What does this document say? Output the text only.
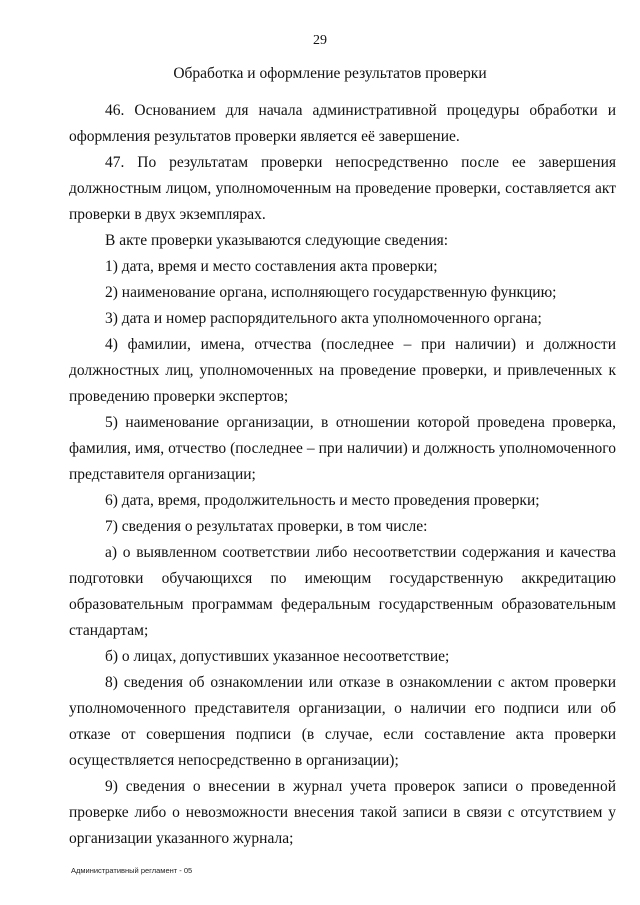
29
Обработка и оформление результатов проверки

46. Основанием для начала административной процедуры обработки и оформления результатов проверки является её завершение.

47. По результатам проверки непосредственно после ее завершения должностным лицом, уполномоченным на проведение проверки, составляется акт проверки в двух экземплярах.

В акте проверки указываются следующие сведения:

1) дата, время и место составления акта проверки;

2) наименование органа, исполняющего государственную функцию;

3) дата и номер распорядительного акта уполномоченного органа;

4) фамилии, имена, отчества (последнее – при наличии) и должности должностных лиц, уполномоченных на проведение проверки, и привлеченных к проведению проверки экспертов;

5) наименование организации, в отношении которой проведена проверка, фамилия, имя, отчество (последнее – при наличии) и должность уполномоченного представителя организации;

6) дата, время, продолжительность и место проведения проверки;

7) сведения о результатах проверки, в том числе:

а) о выявленном соответствии либо несоответствии содержания и качества подготовки обучающихся по имеющим государственную аккредитацию образовательным программам федеральным государственным образовательным стандартам;

б) о лицах, допустивших указанное несоответствие;

8) сведения об ознакомлении или отказе в ознакомлении с актом проверки уполномоченного представителя организации, о наличии его подписи или об отказе от совершения подписи (в случае, если составление акта проверки осуществляется непосредственно в организации);

9) сведения о внесении в журнал учета проверок записи о проведенной проверке либо о невозможности внесения такой записи в связи с отсутствием у организации указанного журнала;

Административный регламент - 05
